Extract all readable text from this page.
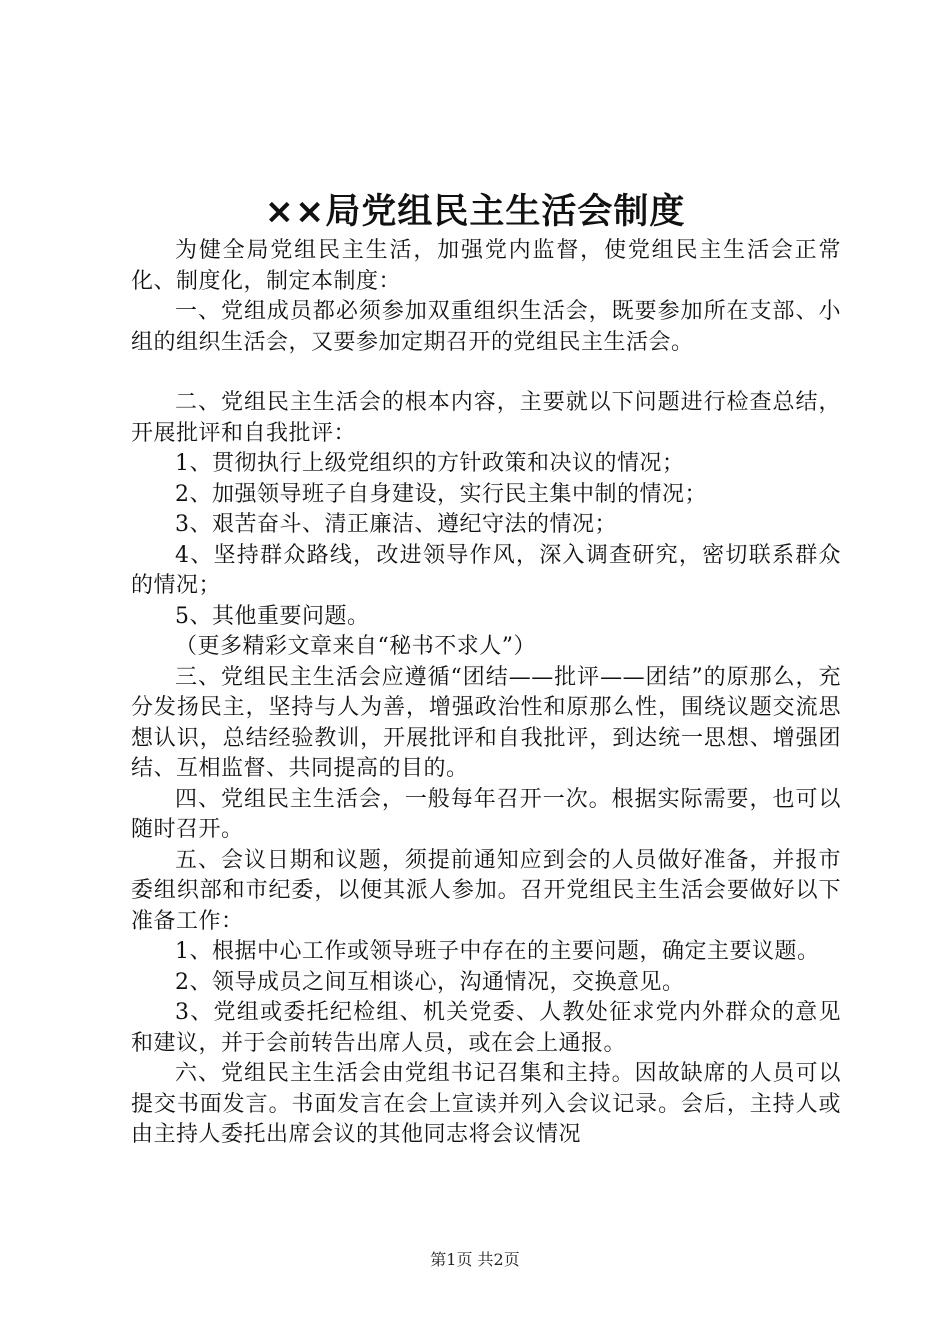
××局党组民主生活会制度

为健全局党组民主生活，加强党内监督，使党组民主生活会正常化、制度化，制定本制度：

一、党组成员都必须参加双重组织生活会，既要参加所在支部、小组的组织生活会，又要参加定期召开的党组民主生活会。

二、党组民主生活会的根本内容，主要就以下问题进行检查总结，开展批评和自我批评：

1、贯彻执行上级党组织的方针政策和决议的情况；

2、加强领导班子自身建设，实行民主集中制的情况；

3、艰苦奋斗、清正廉洁、遵纪守法的情况；

4、坚持群众路线，改进领导作风，深入调查研究，密切联系群众的情况；

5、其他重要问题。

（更多精彩文章来自“秘书不求人”）

三、党组民主生活会应遵循“团结——批评——团结”的原那么，充分发扬民主，坚持与人为善，增强政治性和原那么性，围绕议题交流思想认识，总结经验教训，开展批评和自我批评，到达统一思想、增强团结、互相监督、共同提高的目的。

四、党组民主生活会，一般每年召开一次。根据实际需要，也可以随时召开。

五、会议日期和议题，须提前通知应到会的人员做好准备，并报市委组织部和市纪委，以便其派人参加。召开党组民主生活会要做好以下准备工作：

1、根据中心工作或领导班子中存在的主要问题，确定主要议题。

2、领导成员之间互相谈心，沟通情况，交换意见。

3、党组或委托纪检组、机关党委、人教处征求党内外群众的意见和建议，并于会前转告出席人员，或在会上通报。

六、党组民主生活会由党组书记召集和主持。因故缺席的人员可以提交书面发言。书面发言在会上宣读并列入会议记录。会后，主持人或由主持人委托出席会议的其他同志将会议情况

第1页 共2页
